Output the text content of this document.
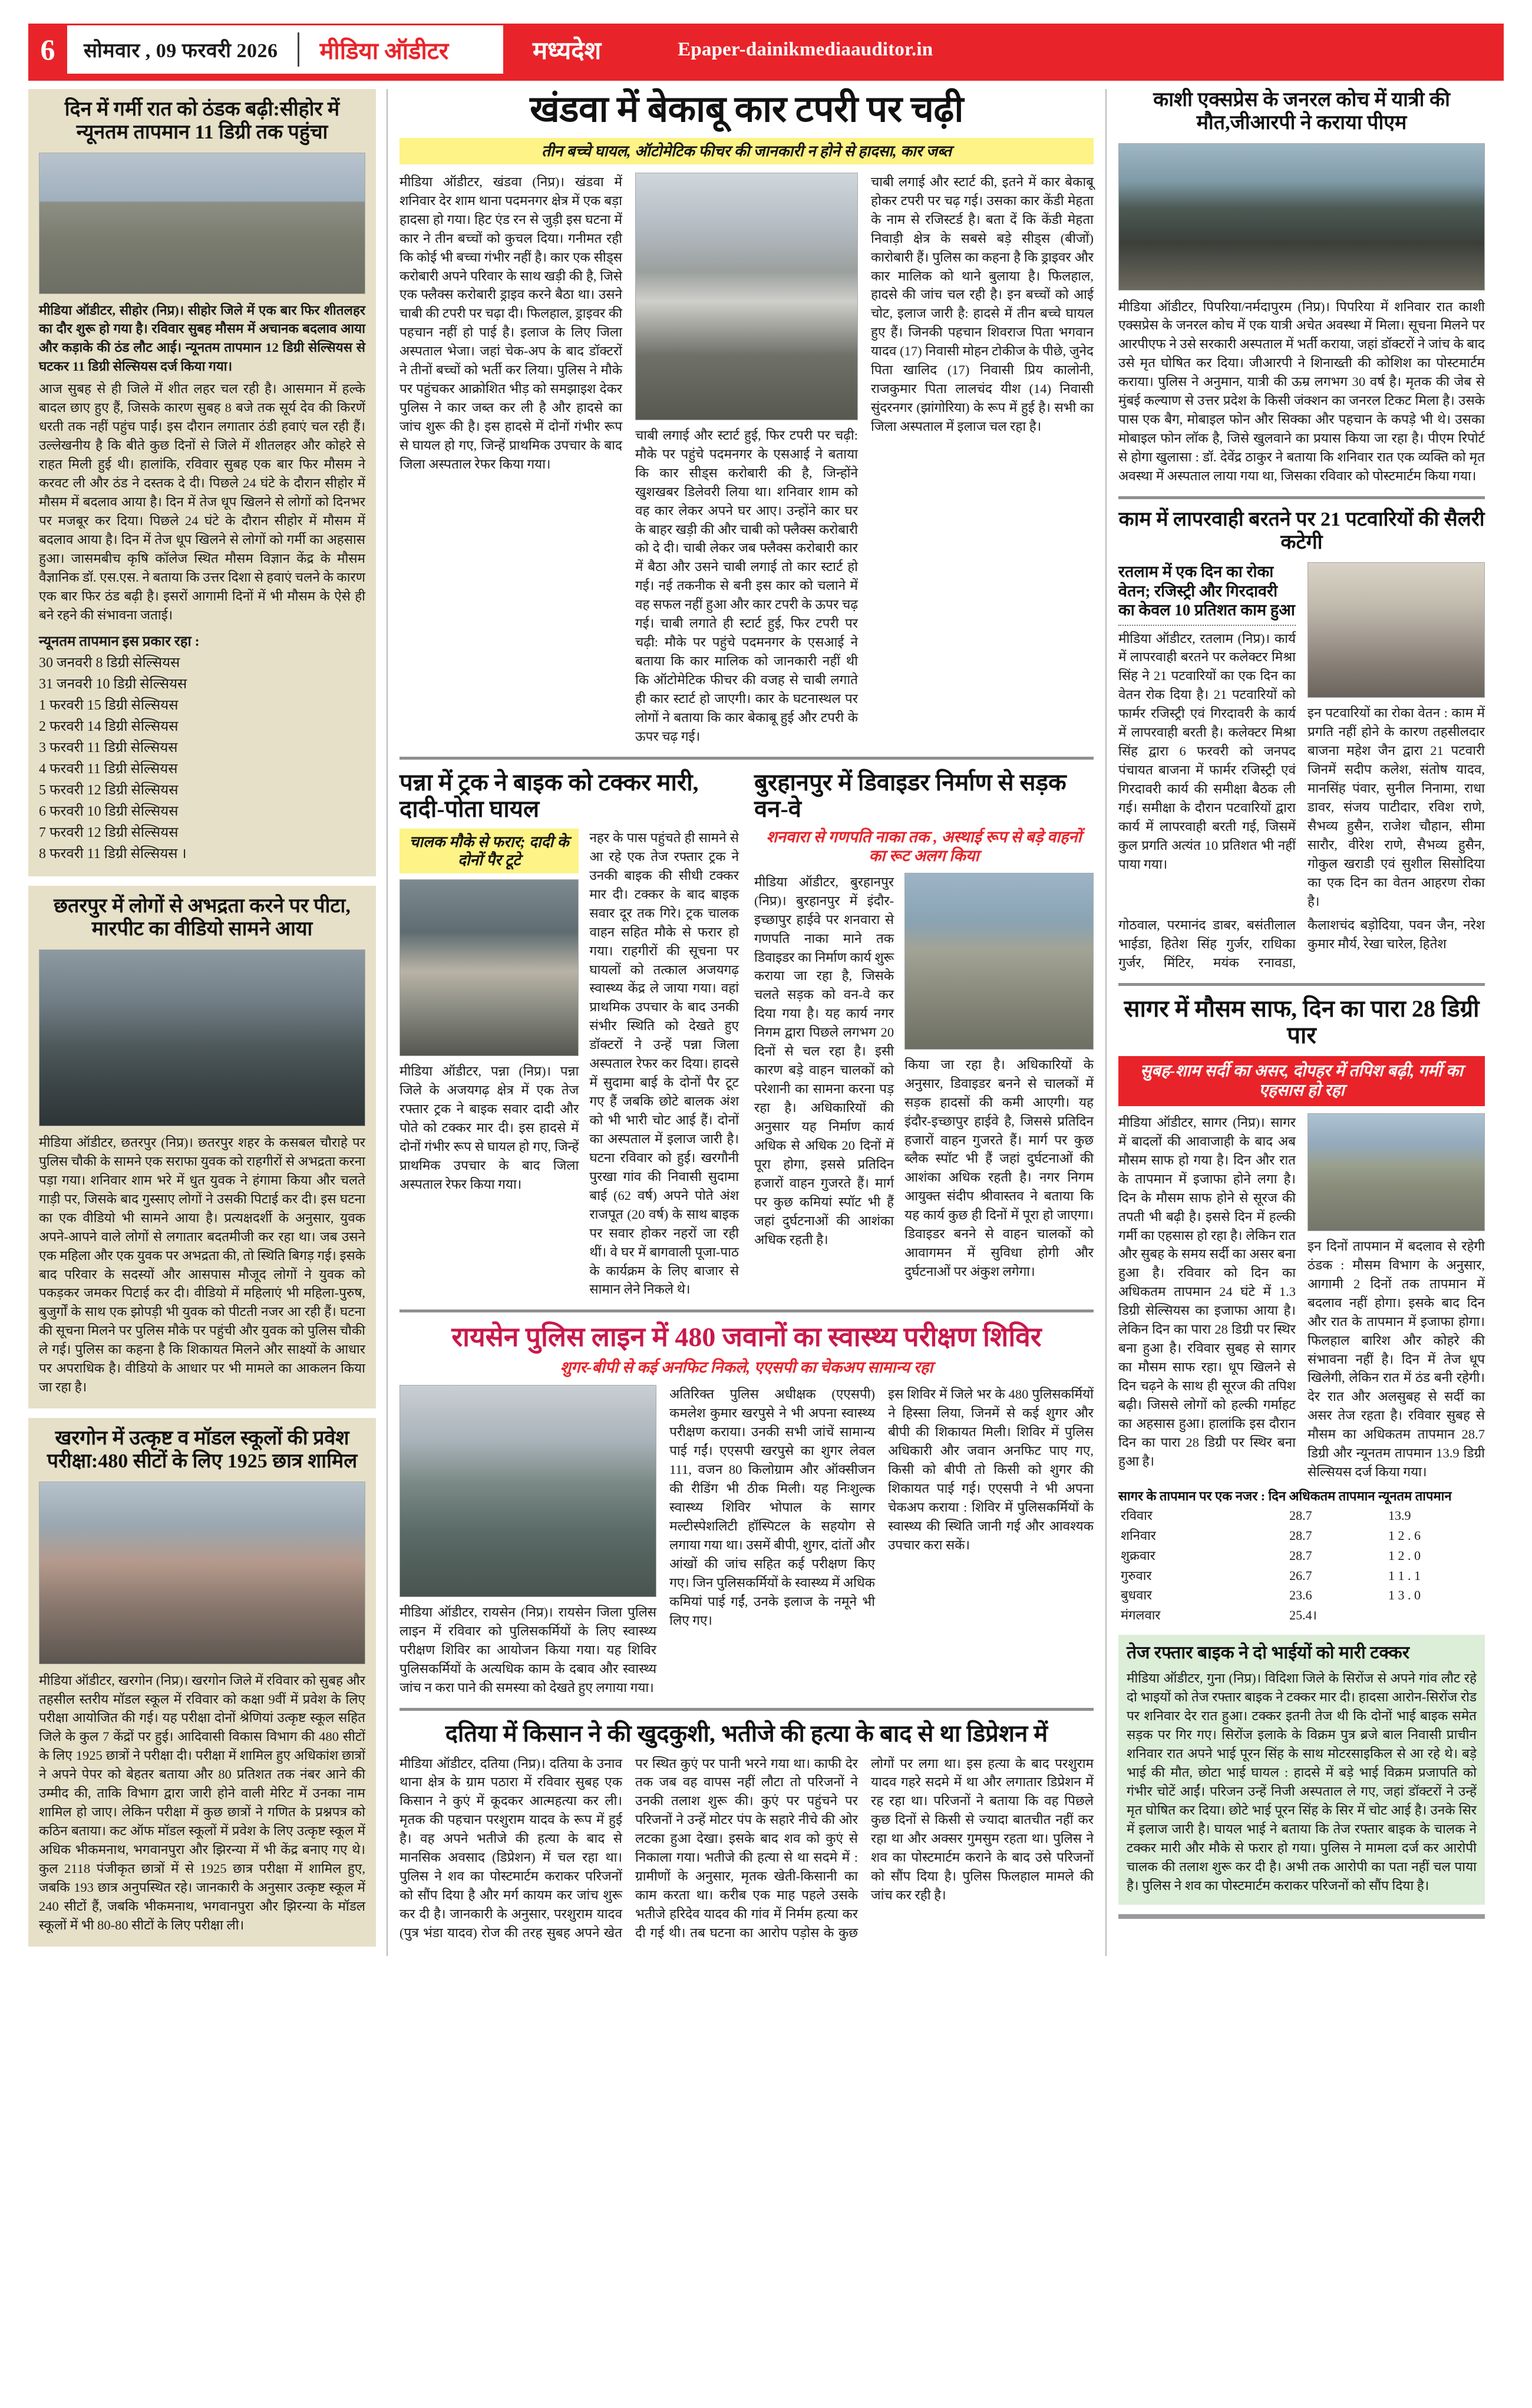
6	सोमवार , 09 फरवरी 2026 मीडिया ऑडीटर	मध्यदेश	Epaper-dainikmediaauditor.in
दिन में गर्मी रात को ठंडक बढ़ी:सीहोर में न्यूनतम तापमान 11 डिग्री तक पहुंचा
मीडिया ऑडीटर, सीहोर (निप्र)। सीहोर जिले में एक बार फिर शीतलहर का दौर शुरू हो गया है। रविवार सुबह मौसम में अचानक बदलाव आया और कड़ाके की ठंड लौट आई। न्यूनतम तापमान 12 डिग्री सेल्सियस से घटकर 11 डिग्री सेल्सियस दर्ज किया गया।
आज सुबह से ही जिले में शीत लहर चल रही है। आसमान में हल्के बादल छाए हुए हैं, जिसके कारण सुबह 8 बजे तक सूर्य देव की किरणें धरती तक नहीं पहुंच पाईं। इस दौरान लगातार ठंडी हवाएं चल रही हैं। उल्लेखनीय है कि बीते कुछ दिनों से जिले में शीतलहर और कोहरे से राहत मिली हुई थी। हालांकि, रविवार सुबह एक बार फिर मौसम ने करवट ली और ठंड ने दस्तक दे दी। पिछले 24 घंटे के दौरान सीहोर में मौसम में बदलाव आया है। दिन में तेज धूप खिलने से लोगों को दिनभर पर मजबूर कर दिया। पिछले 24 घंटे के दौरान सीहोर में मौसम में बदलाव आया है। दिन में तेज धूप खिलने से लोगों को गर्मी का अहसास हुआ। जासमबीच कृषि कॉलेज स्थित मौसम विज्ञान केंद्र के मौसम वैज्ञानिक डॉ. एस.एस. ने बताया कि उत्तर दिशा से हवाएं चलने के कारण एक बार फिर ठंड बढ़ी है। इसरों आगामी दिनों में भी मौसम के ऐसे ही बने रहने की संभावना जताई।
न्यूनतम तापमान इस प्रकार रहा :
30 जनवरी 8 डिग्री सेल्सियस
31 जनवरी 10 डिग्री सेल्सियस
1 फरवरी 15 डिग्री सेल्सियस
2 फरवरी 14 डिग्री सेल्सियस
3 फरवरी 11 डिग्री सेल्सियस
4 फरवरी 11 डिग्री सेल्सियस
5 फरवरी 12 डिग्री सेल्सियस
6 फरवरी 10 डिग्री सेल्सियस
7 फरवरी 12 डिग्री सेल्सियस
8 फरवरी 11 डिग्री सेल्सियस ।
छतरपुर में लोगों से अभद्रता करने पर पीटा, मारपीट का वीडियो सामने आया
मीडिया ऑडीटर, छतरपुर (निप्र)। छतरपुर शहर के कसबल चौराहे पर पुलिस चौकी के सामने एक सराफा युवक को राहगीरों से अभद्रता करना पड़ा गया। शनिवार शाम भरे में धुत युवक ने हंगामा किया और चलते गाड़ी पर, जिसके बाद गुस्साए लोगों ने उसकी पिटाई कर दी। इस घटना का एक वीडियो भी सामने आया है। प्रत्यक्षदर्शी के अनुसार, युवक अपने-आपने वाले लोगों से लगातार बदतमीजी कर रहा था। जब उसने एक महिला और एक युवक पर अभद्रता की, तो स्थिति बिगड़ गई। इसके बाद परिवार के सदस्यों और आसपास मौजूद लोगों ने युवक को पकड़कर जमकर पिटाई कर दी। वीडियो में महिलाएं भी महिला-पुरुष, बुजुर्गों के साथ एक झोपड़ी भी युवक को पीटती नजर आ रही हैं। घटना की सूचना मिलने पर पुलिस मौके पर पहुंची और युवक को पुलिस चौकी ले गई। पुलिस का कहना है कि शिकायत मिलने और साक्ष्यों के आधार पर अपराधिक है। वीडियो के आधार पर भी मामले का आकलन किया जा रहा है।
खरगोन में उत्कृष्ट व मॉडल स्कूलों की प्रवेश परीक्षा:480 सीटों के लिए 1925 छात्र शामिल
मीडिया ऑडीटर, खरगोन (निप्र)। खरगोन जिले में रविवार को सुबह और तहसील स्तरीय मॉडल स्कूल में रविवार को कक्षा 9वीं में प्रवेश के लिए परीक्षा आयोजित की गई। यह परीक्षा दोनों श्रेणियां उत्कृष्ट स्कूल सहित जिले के कुल 7 केंद्रों पर हुई। आदिवासी विकास विभाग की 480 सीटों के लिए 1925 छात्रों ने परीक्षा दी। परीक्षा में शामिल हुए अधिकांश छात्रों ने अपने पेपर को बेहतर बताया और 80 प्रतिशत तक नंबर आने की उम्मीद की, ताकि विभाग द्वारा जारी होने वाली मेरिट में उनका नाम शामिल हो जाए। लेकिन परीक्षा में कुछ छात्रों ने गणित के प्रश्नपत्र को कठिन बताया। कट ऑफ मॉडल स्कूलों में प्रवेश के लिए उत्कृष्ट स्कूल में अधिक भीकमनाथ, भगवानपुरा और झिरन्या में भी केंद्र बनाए गए थे। कुल 2118 पंजीकृत छात्रों में से 1925 छात्र परीक्षा में शामिल हुए, जबकि 193 छात्र अनुपस्थित रहे। जानकारी के अनुसार उत्कृष्ट स्कूल में 240 सीटों हैं, जबकि भीकमनाथ, भगवानपुरा और झिरन्या के मॉडल स्कूलों में भी 80-80 सीटों के लिए परीक्षा ली।
खंडवा में बेकाबू कार टपरी पर चढ़ी
तीन बच्चे घायल, ऑटोमेटिक फीचर की जानकारी न होने से हादसा, कार जब्त
मीडिया ऑडीटर, खंडवा (निप्र)। खंडवा में शनिवार देर शाम थाना पदमनगर क्षेत्र में एक बड़ा हादसा हो गया। हिट एंड रन से जुड़ी इस घटना में कार ने तीन बच्चों को कुचल दिया। गनीमत रही कि कोई भी बच्चा गंभीर नहीं है। कार एक सीड्स करोबारी अपने परिवार के साथ खड़ी की है, जिसे एक फ्लैक्स करोबारी ड्राइव करने बैठा था। उसने चाबी की टपरी पर चढ़ा दी। फिलहाल, ड्राइवर की पहचान नहीं हो पाई है। इलाज के लिए जिला अस्पताल भेजा। जहां चेक-अप के बाद डॉक्टरों ने तीनों बच्चों को भर्ती कर लिया। पुलिस ने मौके पर पहुंचकर आक्रोशित भीड़ को समझाइश देकर पुलिस ने कार जब्त कर ली है और हादसे का जांच शुरू की है। इस हादसे में दोनों गंभीर रूप से घायल हो गए, जिन्हें प्राथमिक उपचार के बाद जिला अस्पताल रेफर किया गया।
चाबी लगाई और स्टार्ट हुई, फिर टपरी पर चढ़ी: मौके पर पहुंचे पदमनगर के एसआई ने बताया कि कार सीड्स करोबारी की है, जिन्होंने खुशखबर डिलेवरी लिया था। शनिवार शाम को वह कार लेकर अपने घर आए। उन्होंने कार घर के बाहर खड़ी की और चाबी को फ्लैक्स करोबारी को दे दी। चाबी लेकर जब फ्लैक्स करोबारी कार में बैठा और उसने चाबी लगाई तो कार स्टार्ट हो गई। नई तकनीक से बनी इस कार को चलाने में वह सफल नहीं हुआ और कार टपरी के ऊपर चढ़ गई। चाबी लगाते ही स्टार्ट हुई, फिर टपरी पर चढ़ी: मौके पर पहुंचे पदमनगर के एसआई ने बताया कि कार मालिक को जानकारी नहीं थी कि ऑटोमेटिक फीचर की वजह से चाबी लगाते ही कार स्टार्ट हो जाएगी। कार के घटनास्थल पर लोगों ने बताया कि कार बेकाबू हुई और टपरी के ऊपर चढ़ गई।
चाबी लगाई और स्टार्ट की, इतने में कार बेकाबू होकर टपरी पर चढ़ गई। उसका कार केंडी मेहता के नाम से रजिस्टर्ड है। बता दें कि केंडी मेहता निवाड़ी क्षेत्र के सबसे बड़े सीड्स (बीजों) कारोबारी हैं। पुलिस का कहना है कि ड्राइवर और कार मालिक को थाने बुलाया है। फिलहाल, हादसे की जांच चल रही है। इन बच्चों को आई चोट, इलाज जारी है: हादसे में तीन बच्चे घायल हुए हैं। जिनकी पहचान शिवराज पिता भगवान यादव (17) निवासी मोहन टोकीज के पीछे, जुनेद पिता खालिद (17) निवासी प्रिय कालोनी, राजकुमार पिता लालचंद यीश (14) निवासी सुंदरनगर (झांगोरिया) के रूप में हुई है। सभी का जिला अस्पताल में इलाज चल रहा है।
पन्ना में ट्रक ने बाइक को टक्कर मारी, दादी-पोता घायल
चालक मौके से फरार; दादी के दोनों पैर टूटे
मीडिया ऑडीटर, पन्ना (निप्र)। पन्ना जिले के अजयगढ़ क्षेत्र में एक तेज रफ्तार ट्रक ने बाइक सवार दादी और पोते को टक्कर मार दी। इस हादसे में दोनों गंभीर रूप से घायल हो गए, जिन्हें प्राथमिक उपचार के बाद जिला अस्पताल रेफर किया गया।
नहर के पास पहुंचते ही सामने से आ रहे एक तेज रफ्तार ट्रक ने उनकी बाइक की सीधी टक्कर मार दी। टक्कर के बाद बाइक सवार दूर तक गिरे। ट्रक चालक वाहन सहित मौके से फरार हो गया। राहगीरों की सूचना पर घायलों को तत्काल अजयगढ़ स्वास्थ्य केंद्र ले जाया गया। वहां प्राथमिक उपचार के बाद उनकी संभीर स्थिति को देखते हुए डॉक्टरों ने उन्हें पन्ना जिला अस्पताल रेफर कर दिया। हादसे में सुदामा बाई के दोनों पैर टूट गए हैं जबकि छोटे बालक अंश को भी भारी चोट आई हैं। दोनों का अस्पताल में इलाज जारी है। घटना रविवार को हुई। खरगौनी पुरखा गांव की निवासी सुदामा बाई (62 वर्ष) अपने पोते अंश राजपूत (20 वर्ष) के साथ बाइक पर सवार होकर नहरों जा रही थीं। वे घर में बागवाली पूजा-पाठ के कार्यक्रम के लिए बाजार से सामान लेने निकले थे।
बुरहानपुर में डिवाइडर निर्माण से सड़क वन-वे
शनवारा से गणपति नाका तक , अस्थाई रूप से बड़े वाहनों का रूट अलग किया
मीडिया ऑडीटर, बुरहानपुर (निप्र)। बुरहानपुर में इंदौर-इच्छापुर हाईवे पर शनवारा से गणपति नाका माने तक डिवाइडर का निर्माण कार्य शुरू कराया जा रहा है, जिसके चलते सड़क को वन-वे कर दिया गया है। यह कार्य नगर निगम द्वारा पिछले लगभग 20 दिनों से चल रहा है। इसी कारण बड़े वाहन चालकों को परेशानी का सामना करना पड़ रहा है। अधिकारियों की अनुसार यह निर्माण कार्य अधिक से अधिक 20 दिनों में पूरा होगा, इससे प्रतिदिन हजारों वाहन गुजरते हैं। मार्ग पर कुछ कमियां स्पॉट भी हैं जहां दुर्घटनाओं की आशंका अधिक रहती है।
किया जा रहा है। अधिकारियों के अनुसार, डिवाइडर बनने से चालकों में सड़क हादसों की कमी आएगी। यह इंदौर-इच्छापुर हाईवे है, जिससे प्रतिदिन हजारों वाहन गुजरते हैं। मार्ग पर कुछ ब्लैक स्पॉट भी हैं जहां दुर्घटनाओं की आशंका अधिक रहती है। नगर निगम आयुक्त संदीप श्रीवास्तव ने बताया कि यह कार्य कुछ ही दिनों में पूरा हो जाएगा। डिवाइडर बनने से वाहन चालकों को आवागमन में सुविधा होगी और दुर्घटनाओं पर अंकुश लगेगा।
रायसेन पुलिस लाइन में 480 जवानों का स्वास्थ्य परीक्षण शिविर
शुगर-बीपी से कई अनफिट निकले, एएसपी का चेकअप सामान्य रहा
मीडिया ऑडीटर, रायसेन (निप्र)। रायसेन जिला पुलिस लाइन में रविवार को पुलिसकर्मियों के लिए स्वास्थ्य परीक्षण शिविर का आयोजन किया गया। यह शिविर पुलिसकर्मियों के अत्यधिक काम के दबाव और स्वास्थ्य जांच न करा पाने की समस्या को देखते हुए लगाया गया।
अतिरिक्त पुलिस अधीक्षक (एएसपी) कमलेश कुमार खरपुसे ने भी अपना स्वास्थ्य परीक्षण कराया। उनकी सभी जांचें सामान्य पाई गईं। एएसपी खरपुसे का शुगर लेवल 111, वजन 80 किलोग्राम और ऑक्सीजन की रीडिंग भी ठीक मिली। यह निःशुल्क स्वास्थ्य शिविर भोपाल के सागर मल्टीस्पेशलिटी हॉस्पिटल के सहयोग से लगाया गया था। उसमें बीपी, शुगर, दांतों और आंखों की जांच सहित कई परीक्षण किए गए। जिन पुलिसकर्मियों के स्वास्थ्य में अधिक कमियां पाई गईं, उनके इलाज के नमूने भी लिए गए।
इस शिविर में जिले भर के 480 पुलिसकर्मियों ने हिस्सा लिया, जिनमें से कई शुगर और बीपी की शिकायत मिली। शिविर में पुलिस अधिकारी और जवान अनफिट पाए गए, किसी को बीपी तो किसी को शुगर की शिकायत पाई गई। एएसपी ने भी अपना चेकअप कराया : शिविर में पुलिसकर्मियों के स्वास्थ्य की स्थिति जानी गई और आवश्यक उपचार करा सकें।
दतिया में किसान ने की खुदकुशी, भतीजे की हत्या के बाद से था डिप्रेशन में
मीडिया ऑडीटर, दतिया (निप्र)। दतिया के उनाव थाना क्षेत्र के ग्राम पठारा में रविवार सुबह एक किसान ने कुएं में कूदकर आत्महत्या कर ली। मृतक की पहचान परशुराम यादव के रूप में हुई है। वह अपने भतीजे की हत्या के बाद से मानसिक अवसाद (डिप्रेशन) में चल रहा था। पुलिस ने शव का पोस्टमार्टम कराकर परिजनों को सौंप दिया है और मर्ग कायम कर जांच शुरू कर दी है। जानकारी के अनुसार, परशुराम यादव (पुत्र भंडा यादव) रोज की तरह सुबह अपने खेत पर स्थित कुएं पर पानी भरने गया था। काफी देर तक जब वह वापस नहीं लौटा तो परिजनों ने उनकी तलाश शुरू की। कुएं पर पहुंचने पर परिजनों ने उन्हें मोटर पंप के सहारे नीचे की ओर लटका हुआ देखा। इसके बाद शव को कुएं से निकाला गया। भतीजे की हत्या से था सदमे में : ग्रामीणों के अनुसार, मृतक खेती-किसानी का काम करता था। करीब एक माह पहले उसके भतीजे हरिदेव यादव की गांव में निर्मम हत्या कर दी गई थी। तब घटना का आरोप पड़ोस के कुछ लोगों पर लगा था। इस हत्या के बाद परशुराम यादव गहरे सदमे में था और लगातार डिप्रेशन में रह रहा था। परिजनों ने बताया कि वह पिछले कुछ दिनों से किसी से ज्यादा बातचीत नहीं कर रहा था और अक्सर गुमसुम रहता था। पुलिस ने शव का पोस्टमार्टम कराने के बाद उसे परिजनों को सौंप दिया है। पुलिस फिलहाल मामले की जांच कर रही है।
काशी एक्सप्रेस के जनरल कोच में यात्री की मौत,जीआरपी ने कराया पीएम
मीडिया ऑडीटर, पिपरिया/नर्मदापुरम (निप्र)। पिपरिया में शनिवार रात काशी एक्सप्रेस के जनरल कोच में एक यात्री अचेत अवस्था में मिला। सूचना मिलने पर आरपीएफ ने उसे सरकारी अस्पताल में भर्ती कराया, जहां डॉक्टरों ने जांच के बाद उसे मृत घोषित कर दिया। जीआरपी ने शिनाख्ती की कोशिश का पोस्टमार्टम कराया। पुलिस ने अनुमान, यात्री की ऊम्र लगभग 30 वर्ष है। मृतक की जेब से मुंबई कल्याण से उत्तर प्रदेश के किसी जंक्शन का जनरल टिकट मिला है। उसके पास एक बैग, मोबाइल फोन और सिक्का और पहचान के कपड़े भी थे। उसका मोबाइल फोन लॉक है, जिसे खुलवाने का प्रयास किया जा रहा है। पीएम रिपोर्ट से होगा खुलासा : डॉ. देवेंद्र ठाकुर ने बताया कि शनिवार रात एक व्यक्ति को मृत अवस्था में अस्पताल लाया गया था, जिसका रविवार को पोस्टमार्टम किया गया।
काम में लापरवाही बरतने पर 21 पटवारियों की सैलरी कटेगी
रतलाम में एक दिन का रोका वेतन; रजिस्ट्री और गिरदावरी का केवल 10 प्रतिशत काम हुआ
मीडिया ऑडीटर, रतलाम (निप्र)। कार्य में लापरवाही बरतने पर कलेक्टर मिश्रा सिंह ने 21 पटवारियों का एक दिन का वेतन रोक दिया है। 21 पटवारियों को फार्मर रजिस्ट्री एवं गिरदावरी के कार्य में लापरवाही बरती है। कलेक्टर मिश्रा सिंह द्वारा 6 फरवरी को जनपद पंचायत बाजना में फार्मर रजिस्ट्री एवं गिरदावरी कार्य की समीक्षा बैठक ली गई। समीक्षा के दौरान पटवारियों द्वारा कार्य में लापरवाही बरती गई, जिसमें कुल प्रगति अत्यंत 10 प्रतिशत भी नहीं पाया गया।
इन पटवारियों का रोका वेतन : काम में प्रगति नहीं होने के कारण तहसीलदार बाजना महेश जैन द्वारा 21 पटवारी जिनमें सदीप कलेश, संतोष यादव, मानसिंह पंवार, सुनील निनामा, राधा डावर, संजय पाटीदार, रविश राणे, सैभव्य हुसैन, राजेश चौहान, सीमा सारौर, वीरेश राणे, सैभव्य हुसैन, गोकुल खराडी एवं सुशील सिसोदिया का एक दिन का वेतन आहरण रोका है।
गोठवाल, परमानंद डाबर, बसंतीलाल भाईडा, हितेश सिंह गुर्जर, राधिका गुर्जर, मिंटिर, मयंक रनावडा, कैलाशचंद बड़ोदिया, पवन जैन, नरेश कुमार मौर्य, रेखा चारेल, हितेश
सागर में मौसम साफ, दिन का पारा 28 डिग्री पार
सुबह-शाम सर्दी का असर, दोपहर में तपिश बढ़ी, गर्मी का एहसास हो रहा
मीडिया ऑडीटर, सागर (निप्र)। सागर में बादलों की आवाजाही के बाद अब मौसम साफ हो गया है। दिन और रात के तापमान में इजाफा होने लगा है। दिन के मौसम साफ होने से सूरज की तपती भी बढ़ी है। इससे दिन में हल्की गर्मी का एहसास हो रहा है। लेकिन रात और सुबह के समय सर्दी का असर बना हुआ है। रविवार को दिन का अधिकतम तापमान 24 घंटे में 1.3 डिग्री सेल्सियस का इजाफा आया है। लेकिन दिन का पारा 28 डिग्री पर स्थिर बना हुआ है। रविवार सुबह से सागर का मौसम साफ रहा। धूप खिलने से दिन चढ़ने के साथ ही सूरज की तपिश बढ़ी। जिससे लोगों को हल्की गर्माहट का अहसास हुआ। हालांकि इस दौरान दिन का पारा 28 डिग्री पर स्थिर बना हुआ है।
इन दिनों तापमान में बदलाव से रहेगी ठंडक : मौसम विभाग के अनुसार, आगामी 2 दिनों तक तापमान में बदलाव नहीं होगा। इसके बाद दिन और रात के तापमान में इजाफा होगा। फिलहाल बारिश और कोहरे की संभावना नहीं है। दिन में तेज धूप खिलेगी, लेकिन रात में ठंड बनी रहेगी। देर रात और अलसुबह से सर्दी का असर तेज रहता है। रविवार सुबह से मौसम का अधिकतम तापमान 28.7 डिग्री और न्यूनतम तापमान 13.9 डिग्री सेल्सियस दर्ज किया गया।
सागर के तापमान पर एक नजर : दिन अधिकतम तापमान न्यूनतम तापमान
रविवार	28.7	13.9
शनिवार	28.7	1 2 . 6
शुक्रवार	28.7	1 2 . 0
गुरुवार	26.7	1 1 . 1
बुधवार	23.6	1 3 . 0
मंगलवार	25.4।	
तेज रफ्तार बाइक ने दो भाईयों को मारी टक्कर
मीडिया ऑडीटर, गुना (निप्र)। विदिशा जिले के सिरोंज से अपने गांव लौट रहे दो भाइयों को तेज रफ्तार बाइक ने टक्कर मार दी। हादसा आरोन-सिरोंज रोड पर शनिवार देर रात हुआ। टक्कर इतनी तेज थी कि दोनों भाई बाइक समेत सड़क पर गिर गए। सिरोंज इलाके के विक्रम पुत्र ब्रजे बाल निवासी प्राचीन शनिवार रात अपने भाई पूरन सिंह के साथ मोटरसाइकिल से आ रहे थे। बड़े भाई की मौत, छोटा भाई घायल : हादसे में बड़े भाई विक्रम प्रजापति को गंभीर चोटें आईं। परिजन उन्हें निजी अस्पताल ले गए, जहां डॉक्टरों ने उन्हें मृत घोषित कर दिया। छोटे भाई पूरन सिंह के सिर में चोट आई है। उनके सिर में इलाज जारी है। घायल भाई ने बताया कि तेज रफ्तार बाइक के चालक ने टक्कर मारी और मौके से फरार हो गया। पुलिस ने मामला दर्ज कर आरोपी चालक की तलाश शुरू कर दी है। अभी तक आरोपी का पता नहीं चल पाया है। पुलिस ने शव का पोस्टमार्टम कराकर परिजनों को सौंप दिया है।
